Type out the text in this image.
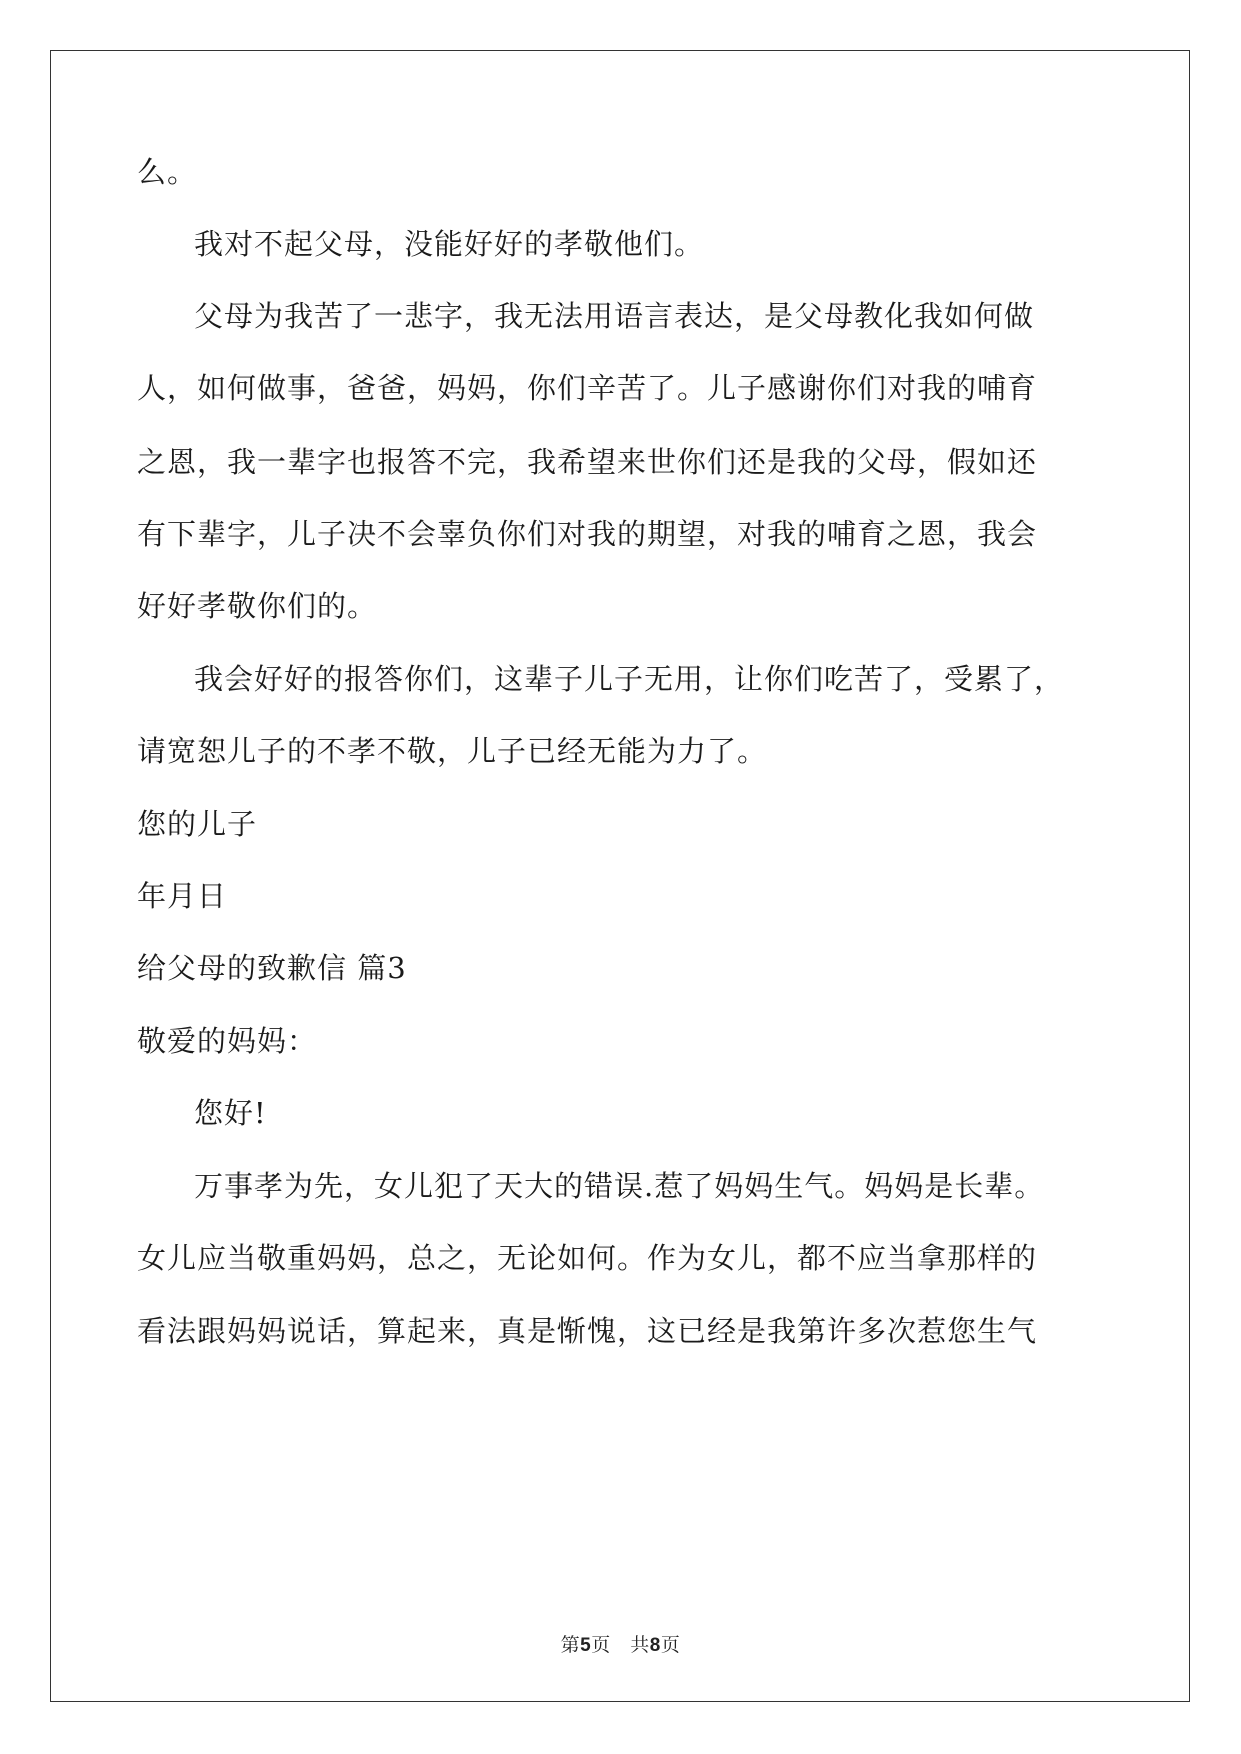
么。
我对不起父母，没能好好的孝敬他们。
父母为我苦了一悲字，我无法用语言表达，是父母教化我如何做
人，如何做事，爸爸，妈妈，你们辛苦了。儿子感谢你们对我的哺育
之恩，我一辈字也报答不完，我希望来世你们还是我的父母，假如还
有下辈字，儿子决不会辜负你们对我的期望，对我的哺育之恩，我会
好好孝敬你们的。
我会好好的报答你们，这辈子儿子无用，让你们吃苦了，受累了，
请宽恕儿子的不孝不敬，儿子已经无能为力了。
您的儿子
年月日
给父母的致歉信 篇3
敬爱的妈妈：
您好!
万事孝为先，女儿犯了天大的错误.惹了妈妈生气。妈妈是长辈。
女儿应当敬重妈妈，总之，无论如何。作为女儿，都不应当拿那样的
看法跟妈妈说话，算起来，真是惭愧，这已经是我第许多次惹您生气
第5页　共8页
